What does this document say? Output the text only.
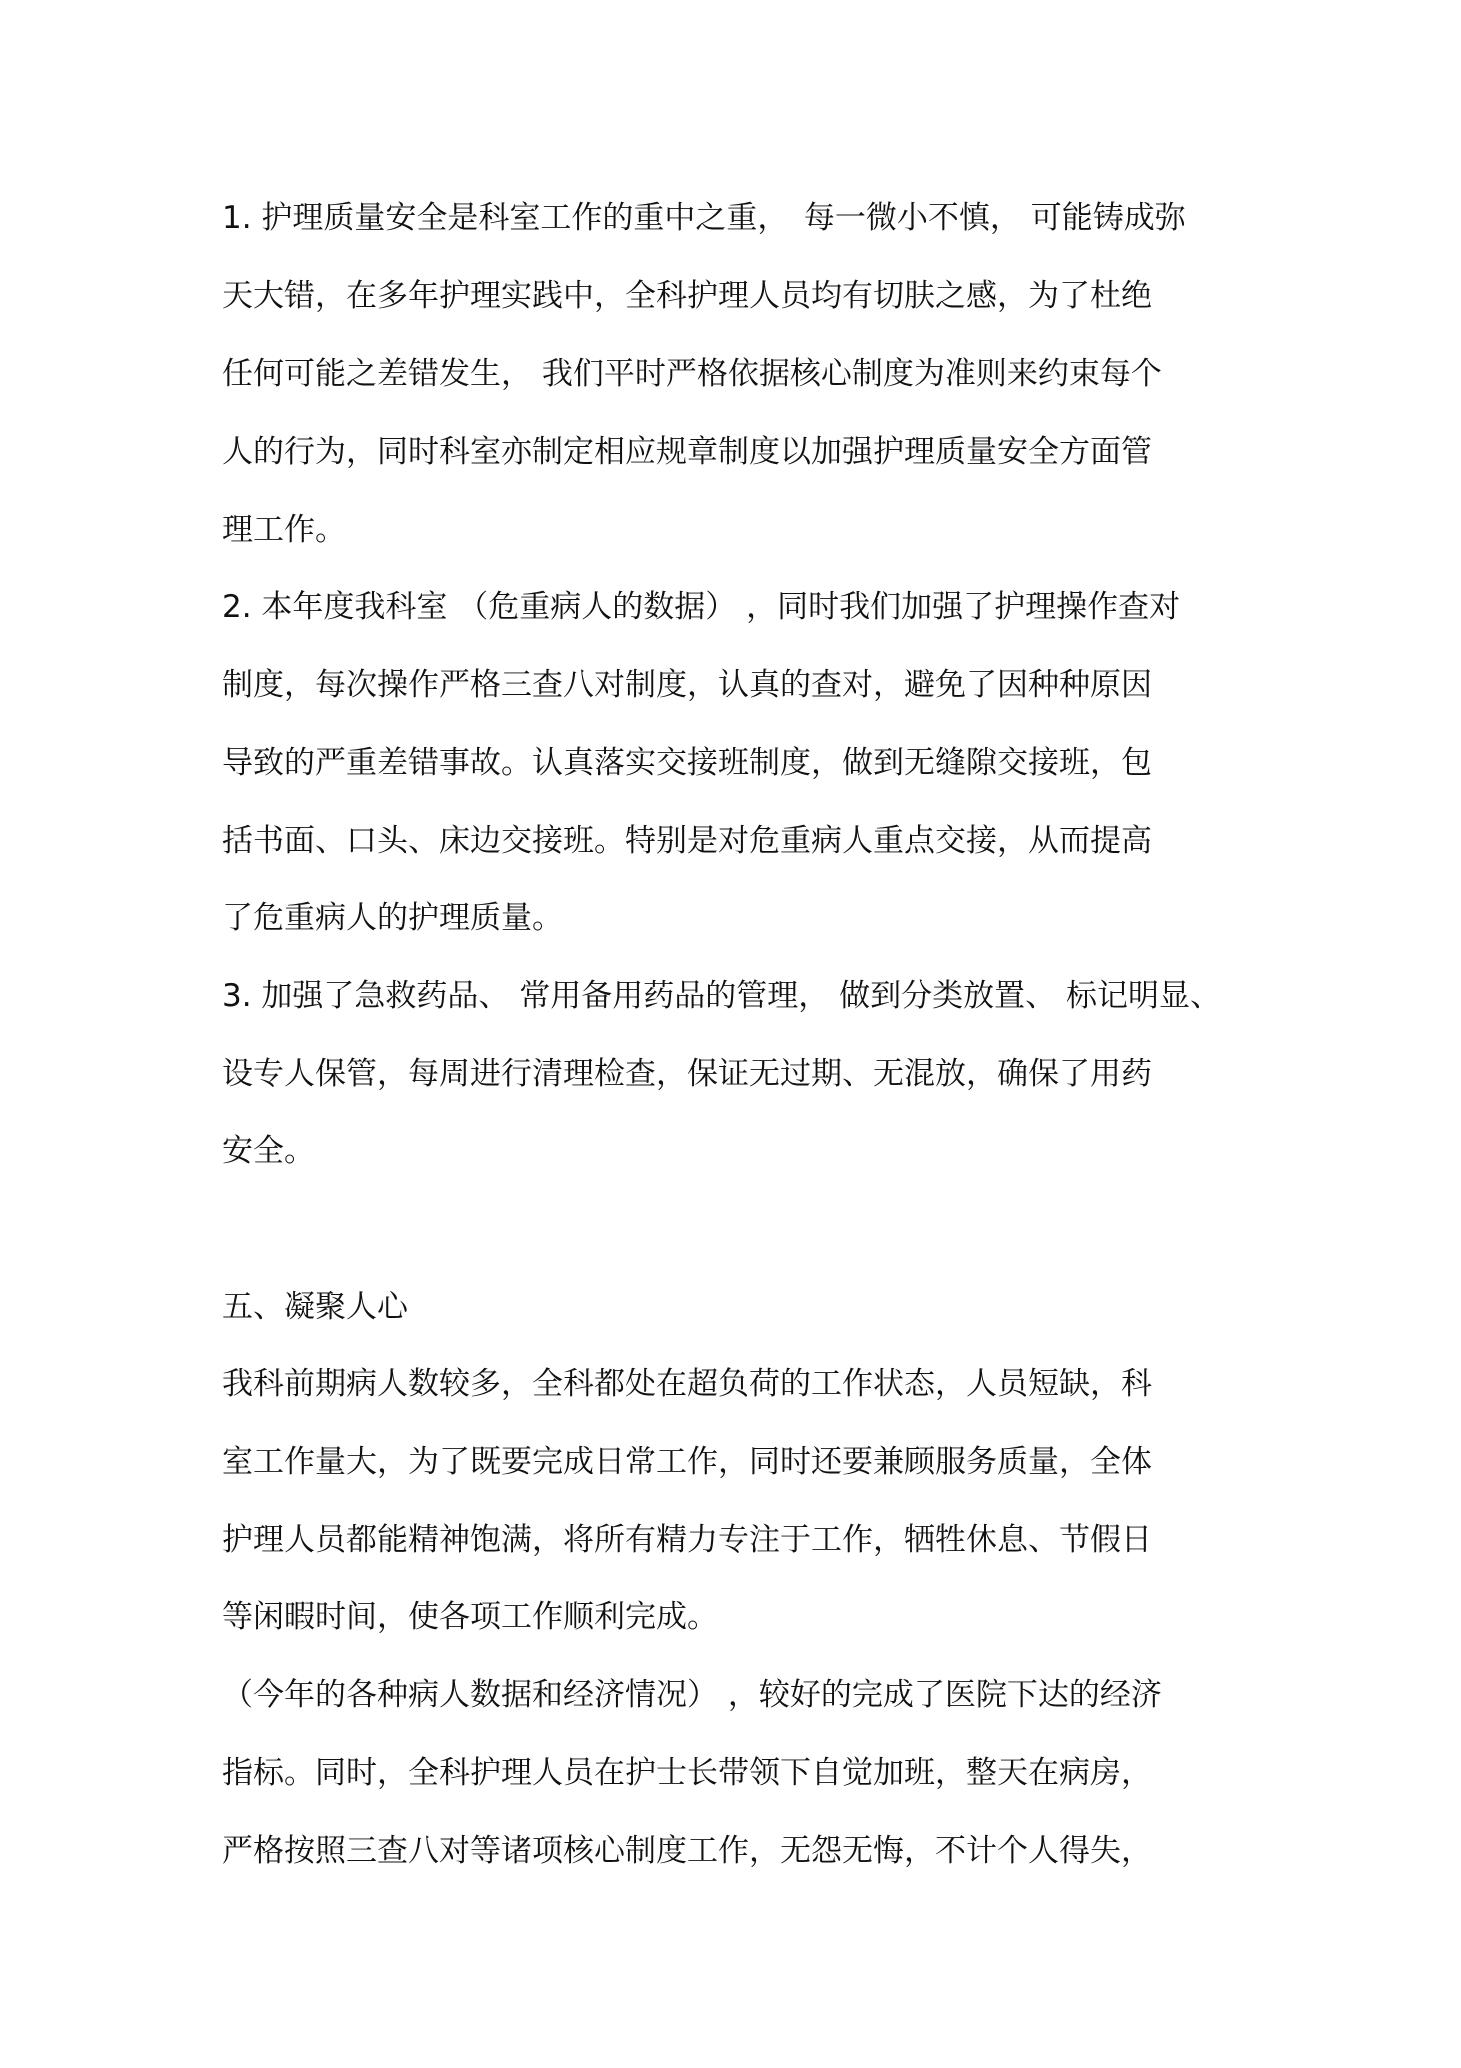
1. 护理质量安全是科室工作的重中之重，　每一微小不慎， 可能铸成弥

天大错，在多年护理实践中，全科护理人员均有切肤之感，为了杜绝

任何可能之差错发生， 我们平时严格依据核心制度为准则来约束每个

人的行为，同时科室亦制定相应规章制度以加强护理质量安全方面管

理工作。

2. 本年度我科室 （危重病人的数据） ，同时我们加强了护理操作查对

制度，每次操作严格三查八对制度，认真的查对，避免了因种种原因

导致的严重差错事故。认真落实交接班制度，做到无缝隙交接班，包

括书面、口头、床边交接班。特别是对危重病人重点交接，从而提高

了危重病人的护理质量。

3. 加强了急救药品、 常用备用药品的管理， 做到分类放置、 标记明显、

设专人保管，每周进行清理检查，保证无过期、无混放，确保了用药

安全。

五、凝聚人心

我科前期病人数较多，全科都处在超负荷的工作状态，人员短缺，科

室工作量大，为了既要完成日常工作，同时还要兼顾服务质量，全体

护理人员都能精神饱满，将所有精力专注于工作，牺牲休息、节假日

等闲暇时间，使各项工作顺利完成。

（今年的各种病人数据和经济情况） ，较好的完成了医院下达的经济

指标。同时，全科护理人员在护士长带领下自觉加班，整天在病房，

严格按照三查八对等诸项核心制度工作，无怨无悔，不计个人得失，
